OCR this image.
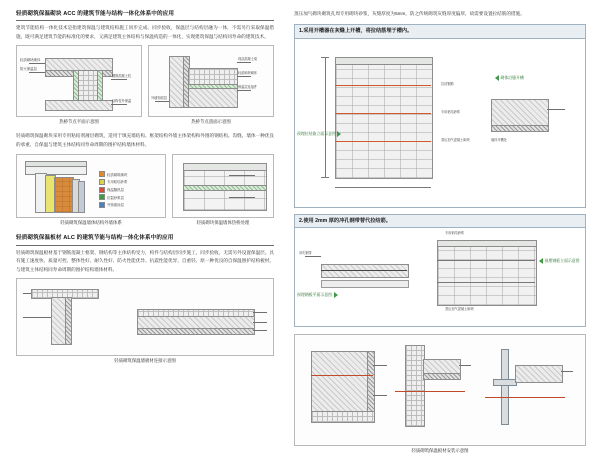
轻质砌筑保温砌块 ACC 的建筑节能与结构一体化体系中的应用
建筑节能结构一体化技术是指建筑保温与建筑结构施工同步完成、同步验收，保温层与结构层融为一体，不需另行采取保温措施，既可满足建筑节能的标准化的要求，又满足建筑主体结构与保温构造的一体化，实现建筑保温与结构同寿命的建筑技术。
轻质砌块砌体
防火保温层
钢筋混凝土柱
结构柱外保温
热桥节点平面示意图
现浇混凝土梁
轻质砌块砌体
保温层连接件
外墙饰面层
热桥节点剖面示意图
轻质砌筑保温砌块采用专用粘结剂薄层砌筑，适用于填充墙结构、框架结构外墙主体架构和外围的钢结构。沟缝、墙体一种优良的承重、自保温与建筑主体结构同寿命周期的围护结构墙体材料。
轻质砌筑砌块
专用粘结砂浆
保温隔热层
抗裂砂浆层
外饰面涂层
轻质砌筑保温墙体结构外墙体系	轻质砌块保温墙体热桥处理
轻质砌筑保温板材 ALC 的建筑节能与结构一体化体系中的应用
轻质砌筑保温板材基于钢筋混凝土框架、钢结构等主体结构受力，构件与结构层同步施工，同步验收，无需另外设置保温层。具有施工速度快、质量可控、整体性好、耐久性好、防火性能优异、抗震性能优异、自重轻、原一种优良的自保温围护结构板材。与建筑主体结构同寿命周期的围护结构墙体材料。
轻质砌筑保温墙板材连接示意图
蒸压加气砌块砌筑孔周专用砌块砂浆，灰缝厚度为5mm，防之传统砌筑灰缝厚度偏厚，故需要设置拉结筋的措施。
1.采用开槽器在灰缝上开槽，将拉结筋埋于槽内。
预埋拉结筋立面示意图
砌体沿缝开槽
拉结钢筋
专用粘结砂浆
蒸压加气混凝土砌块	墙体开槽处
2.使用 2mm 厚的冲孔钢带替代拉结筋。
冲孔钢带
预埋钢板平面示意图
专用粘结砂浆
蒸压加气混凝土砌块
预埋钢板立面示意图
轻质砌筑保温板材安装示意图
